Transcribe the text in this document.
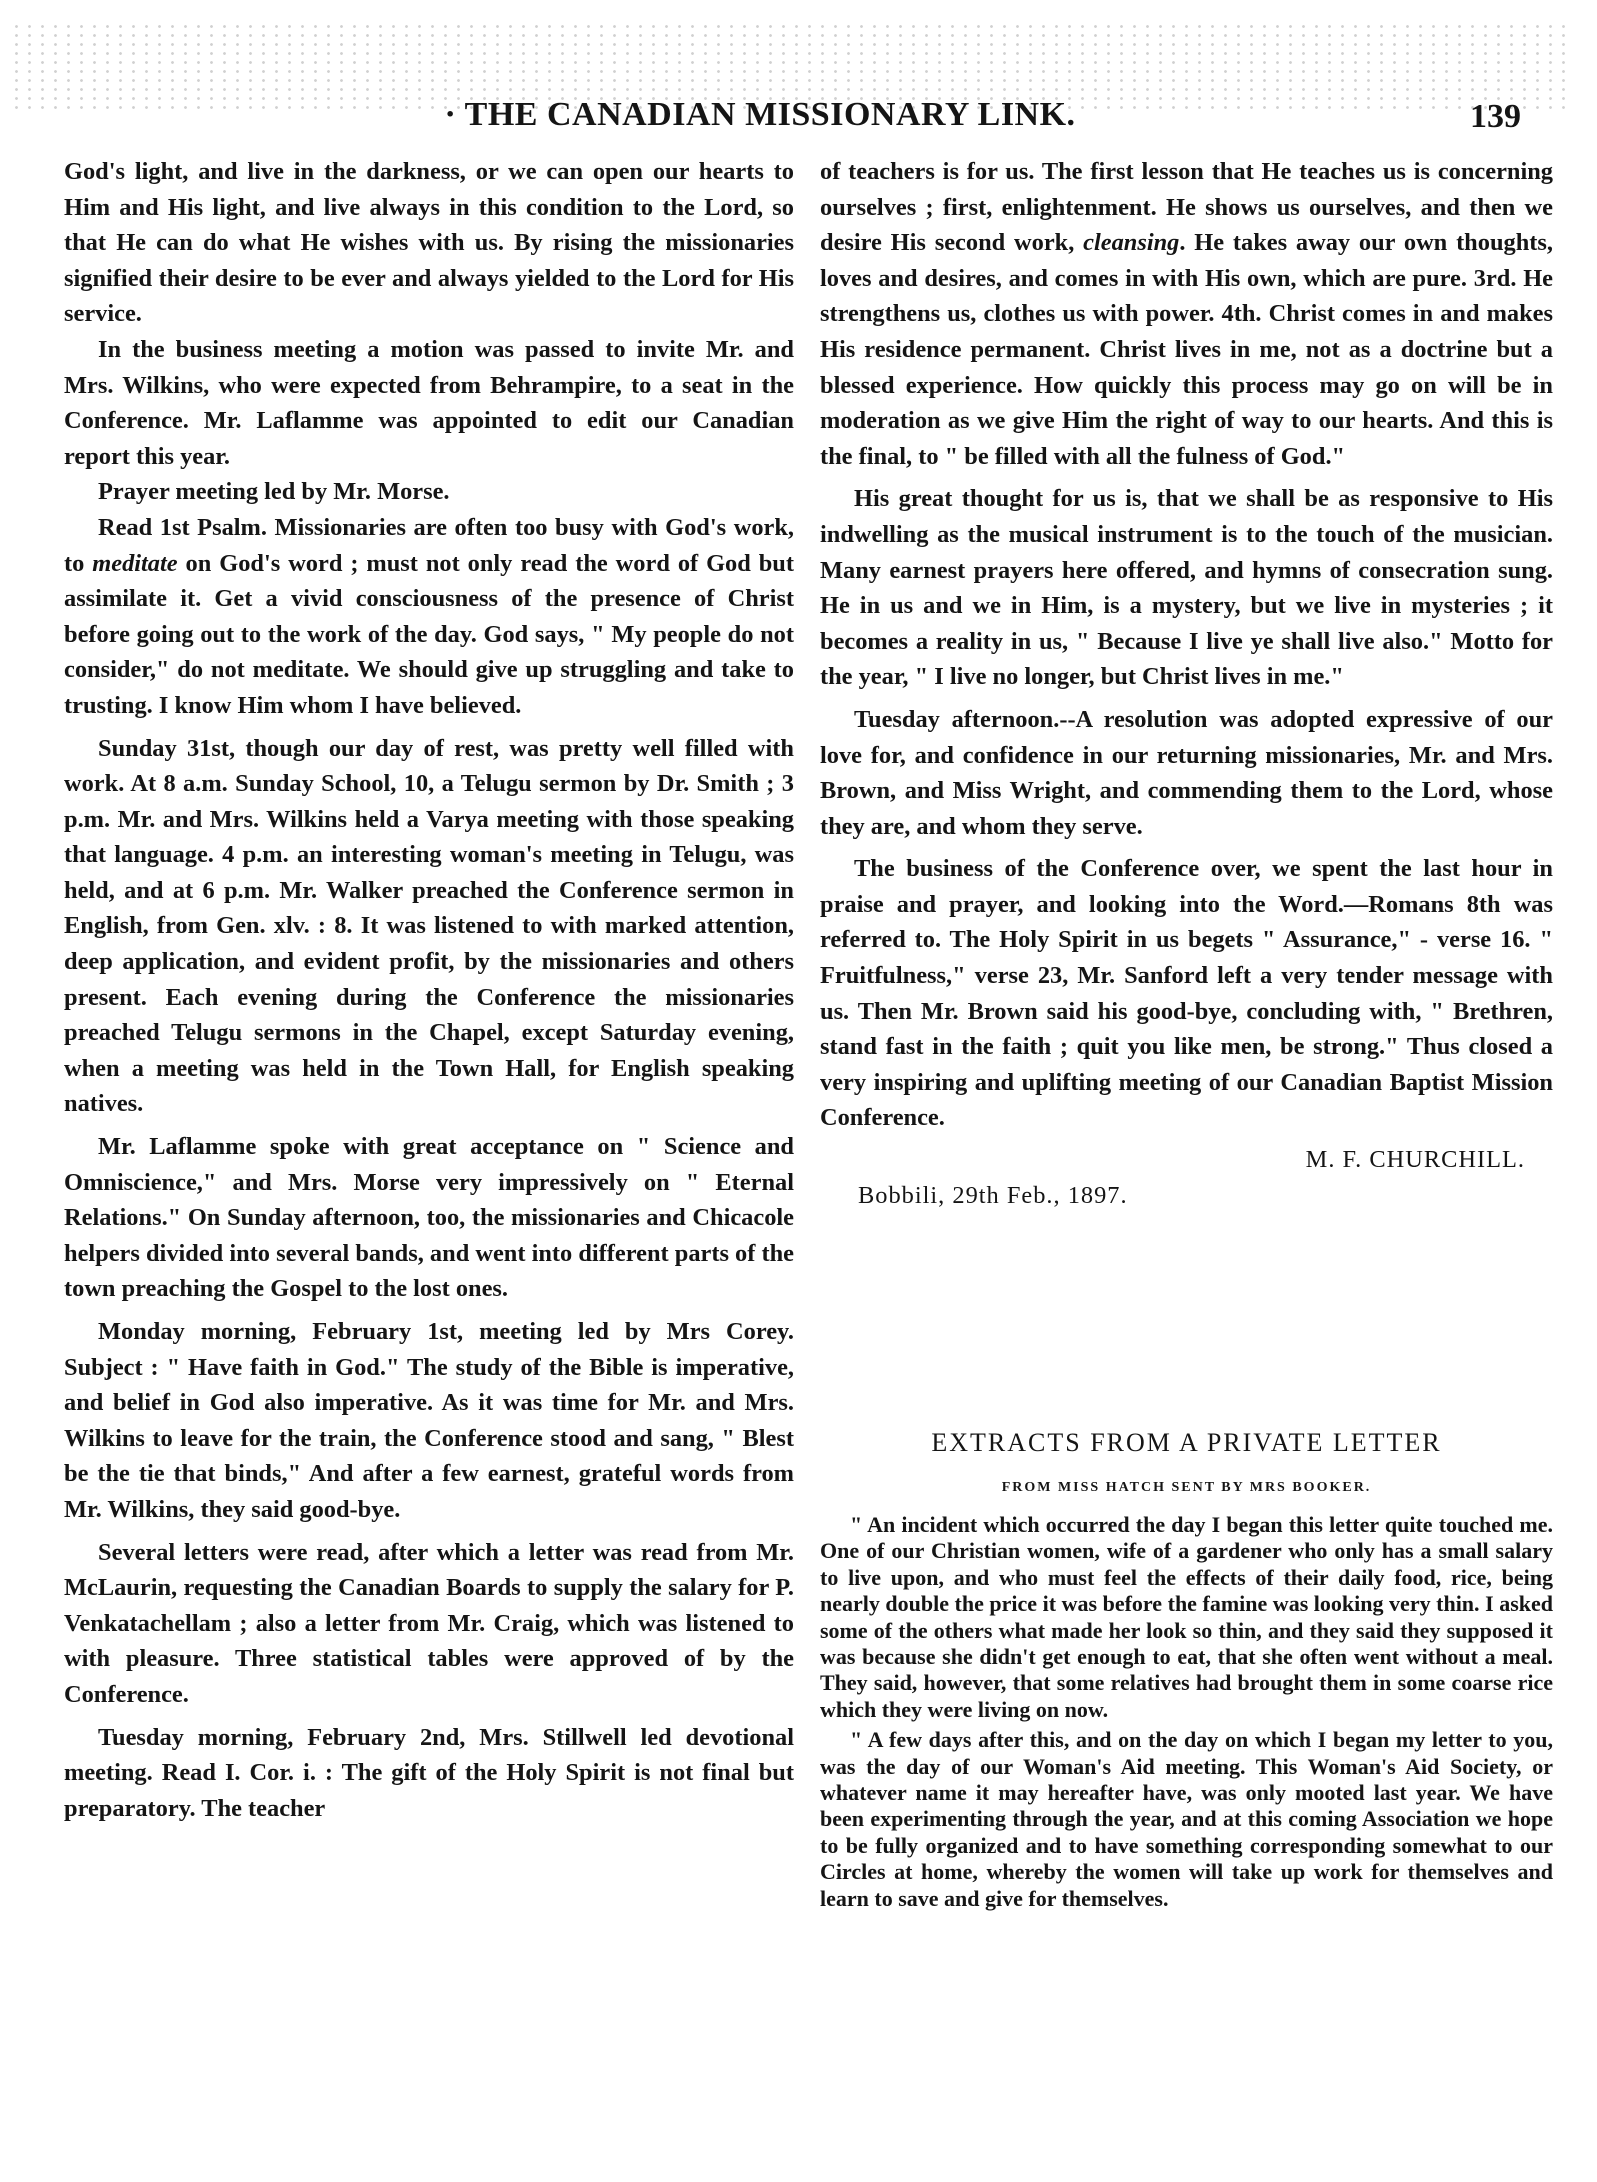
· THE CANADIAN MISSIONARY LINK.	139

God's light, and live in the darkness, or we can open our hearts to Him and His light, and live always in this condition to the Lord, so that He can do what He wishes with us. By rising the missionaries signified their desire to be ever and always yielded to the Lord for His service.

In the business meeting a motion was passed to invite Mr. and Mrs. Wilkins, who were expected from Behrampire, to a seat in the Conference. Mr. Laflamme was appointed to edit our Canadian report this year.

Prayer meeting led by Mr. Morse.

Read 1st Psalm. Missionaries are often too busy with God's work, to meditate on God's word ; must not only read the word of God but assimilate it. Get a vivid consciousness of the presence of Christ before going out to the work of the day. God says, " My people do not consider," do not meditate. We should give up struggling and take to trusting. I know Him whom I have believed.

Sunday 31st, though our day of rest, was pretty well filled with work. At 8 a.m. Sunday School, 10, a Telugu sermon by Dr. Smith ; 3 p.m. Mr. and Mrs. Wilkins held a Varya meeting with those speaking that language. 4 p.m. an interesting woman's meeting in Telugu, was held, and at 6 p.m. Mr. Walker preached the Conference sermon in English, from Gen. xlv. : 8. It was listened to with marked attention, deep application, and evident profit, by the missionaries and others present. Each evening during the Conference the missionaries preached Telugu sermons in the Chapel, except Saturday evening, when a meeting was held in the Town Hall, for English speaking natives.

Mr. Laflamme spoke with great acceptance on " Science and Omniscience," and Mrs. Morse very impressively on " Eternal Relations." On Sunday afternoon, too, the missionaries and Chicacole helpers divided into several bands, and went into different parts of the town preaching the Gospel to the lost ones.

Monday morning, February 1st, meeting led by Mrs Corey. Subject : " Have faith in God." The study of the Bible is imperative, and belief in God also imperative. As it was time for Mr. and Mrs. Wilkins to leave for the train, the Conference stood and sang, " Blest be the tie that binds," And after a few earnest, grateful words from Mr. Wilkins, they said good-bye.

Several letters were read, after which a letter was read from Mr. McLaurin, requesting the Canadian Boards to supply the salary for P. Venkatachellam ; also a letter from Mr. Craig, which was listened to with pleasure. Three statistical tables were approved of by the Conference.

Tuesday morning, February 2nd, Mrs. Stillwell led devotional meeting. Read I. Cor. i. : The gift of the Holy Spirit is not final but preparatory. The teacher

of teachers is for us. The first lesson that He teaches us is concerning ourselves ; first, enlightenment. He shows us ourselves, and then we desire His second work, cleansing. He takes away our own thoughts, loves and desires, and comes in with His own, which are pure. 3rd. He strengthens us, clothes us with power. 4th. Christ comes in and makes His residence permanent. Christ lives in me, not as a doctrine but a blessed experience. How quickly this process may go on will be in moderation as we give Him the right of way to our hearts. And this is the final, to " be filled with all the fulness of God."

His great thought for us is, that we shall be as responsive to His indwelling as the musical instrument is to the touch of the musician. Many earnest prayers here offered, and hymns of consecration sung. He in us and we in Him, is a mystery, but we live in mysteries ; it becomes a reality in us, " Because I live ye shall live also." Motto for the year, " I live no longer, but Christ lives in me."

Tuesday afternoon.--A resolution was adopted expressive of our love for, and confidence in our returning missionaries, Mr. and Mrs. Brown, and Miss Wright, and commending them to the Lord, whose they are, and whom they serve.

The business of the Conference over, we spent the last hour in praise and prayer, and looking into the Word.—Romans 8th was referred to. The Holy Spirit in us begets " Assurance," - verse 16. " Fruitfulness," verse 23, Mr. Sanford left a very tender message with us. Then Mr. Brown said his good-bye, concluding with, " Brethren, stand fast in the faith ; quit you like men, be strong." Thus closed a very inspiring and uplifting meeting of our Canadian Baptist Mission Conference.

M. F. CHURCHILL.
Bobbili, 29th Feb., 1897.
EXTRACTS FROM A PRIVATE LETTER
FROM MISS HATCH SENT BY MRS BOOKER.

" An incident which occurred the day I began this letter quite touched me. One of our Christian women, wife of a gardener who only has a small salary to live upon, and who must feel the effects of their daily food, rice, being nearly double the price it was before the famine was looking very thin. I asked some of the others what made her look so thin, and they said they supposed it was because she didn't get enough to eat, that she often went without a meal. They said, however, that some relatives had brought them in some coarse rice which they were living on now.

" A few days after this, and on the day on which I began my letter to you, was the day of our Woman's Aid meeting. This Woman's Aid Society, or whatever name it may hereafter have, was only mooted last year. We have been experimenting through the year, and at this coming Association we hope to be fully organized and to have something corresponding somewhat to our Circles at home, whereby the women will take up work for themselves and learn to save and give for themselves.
